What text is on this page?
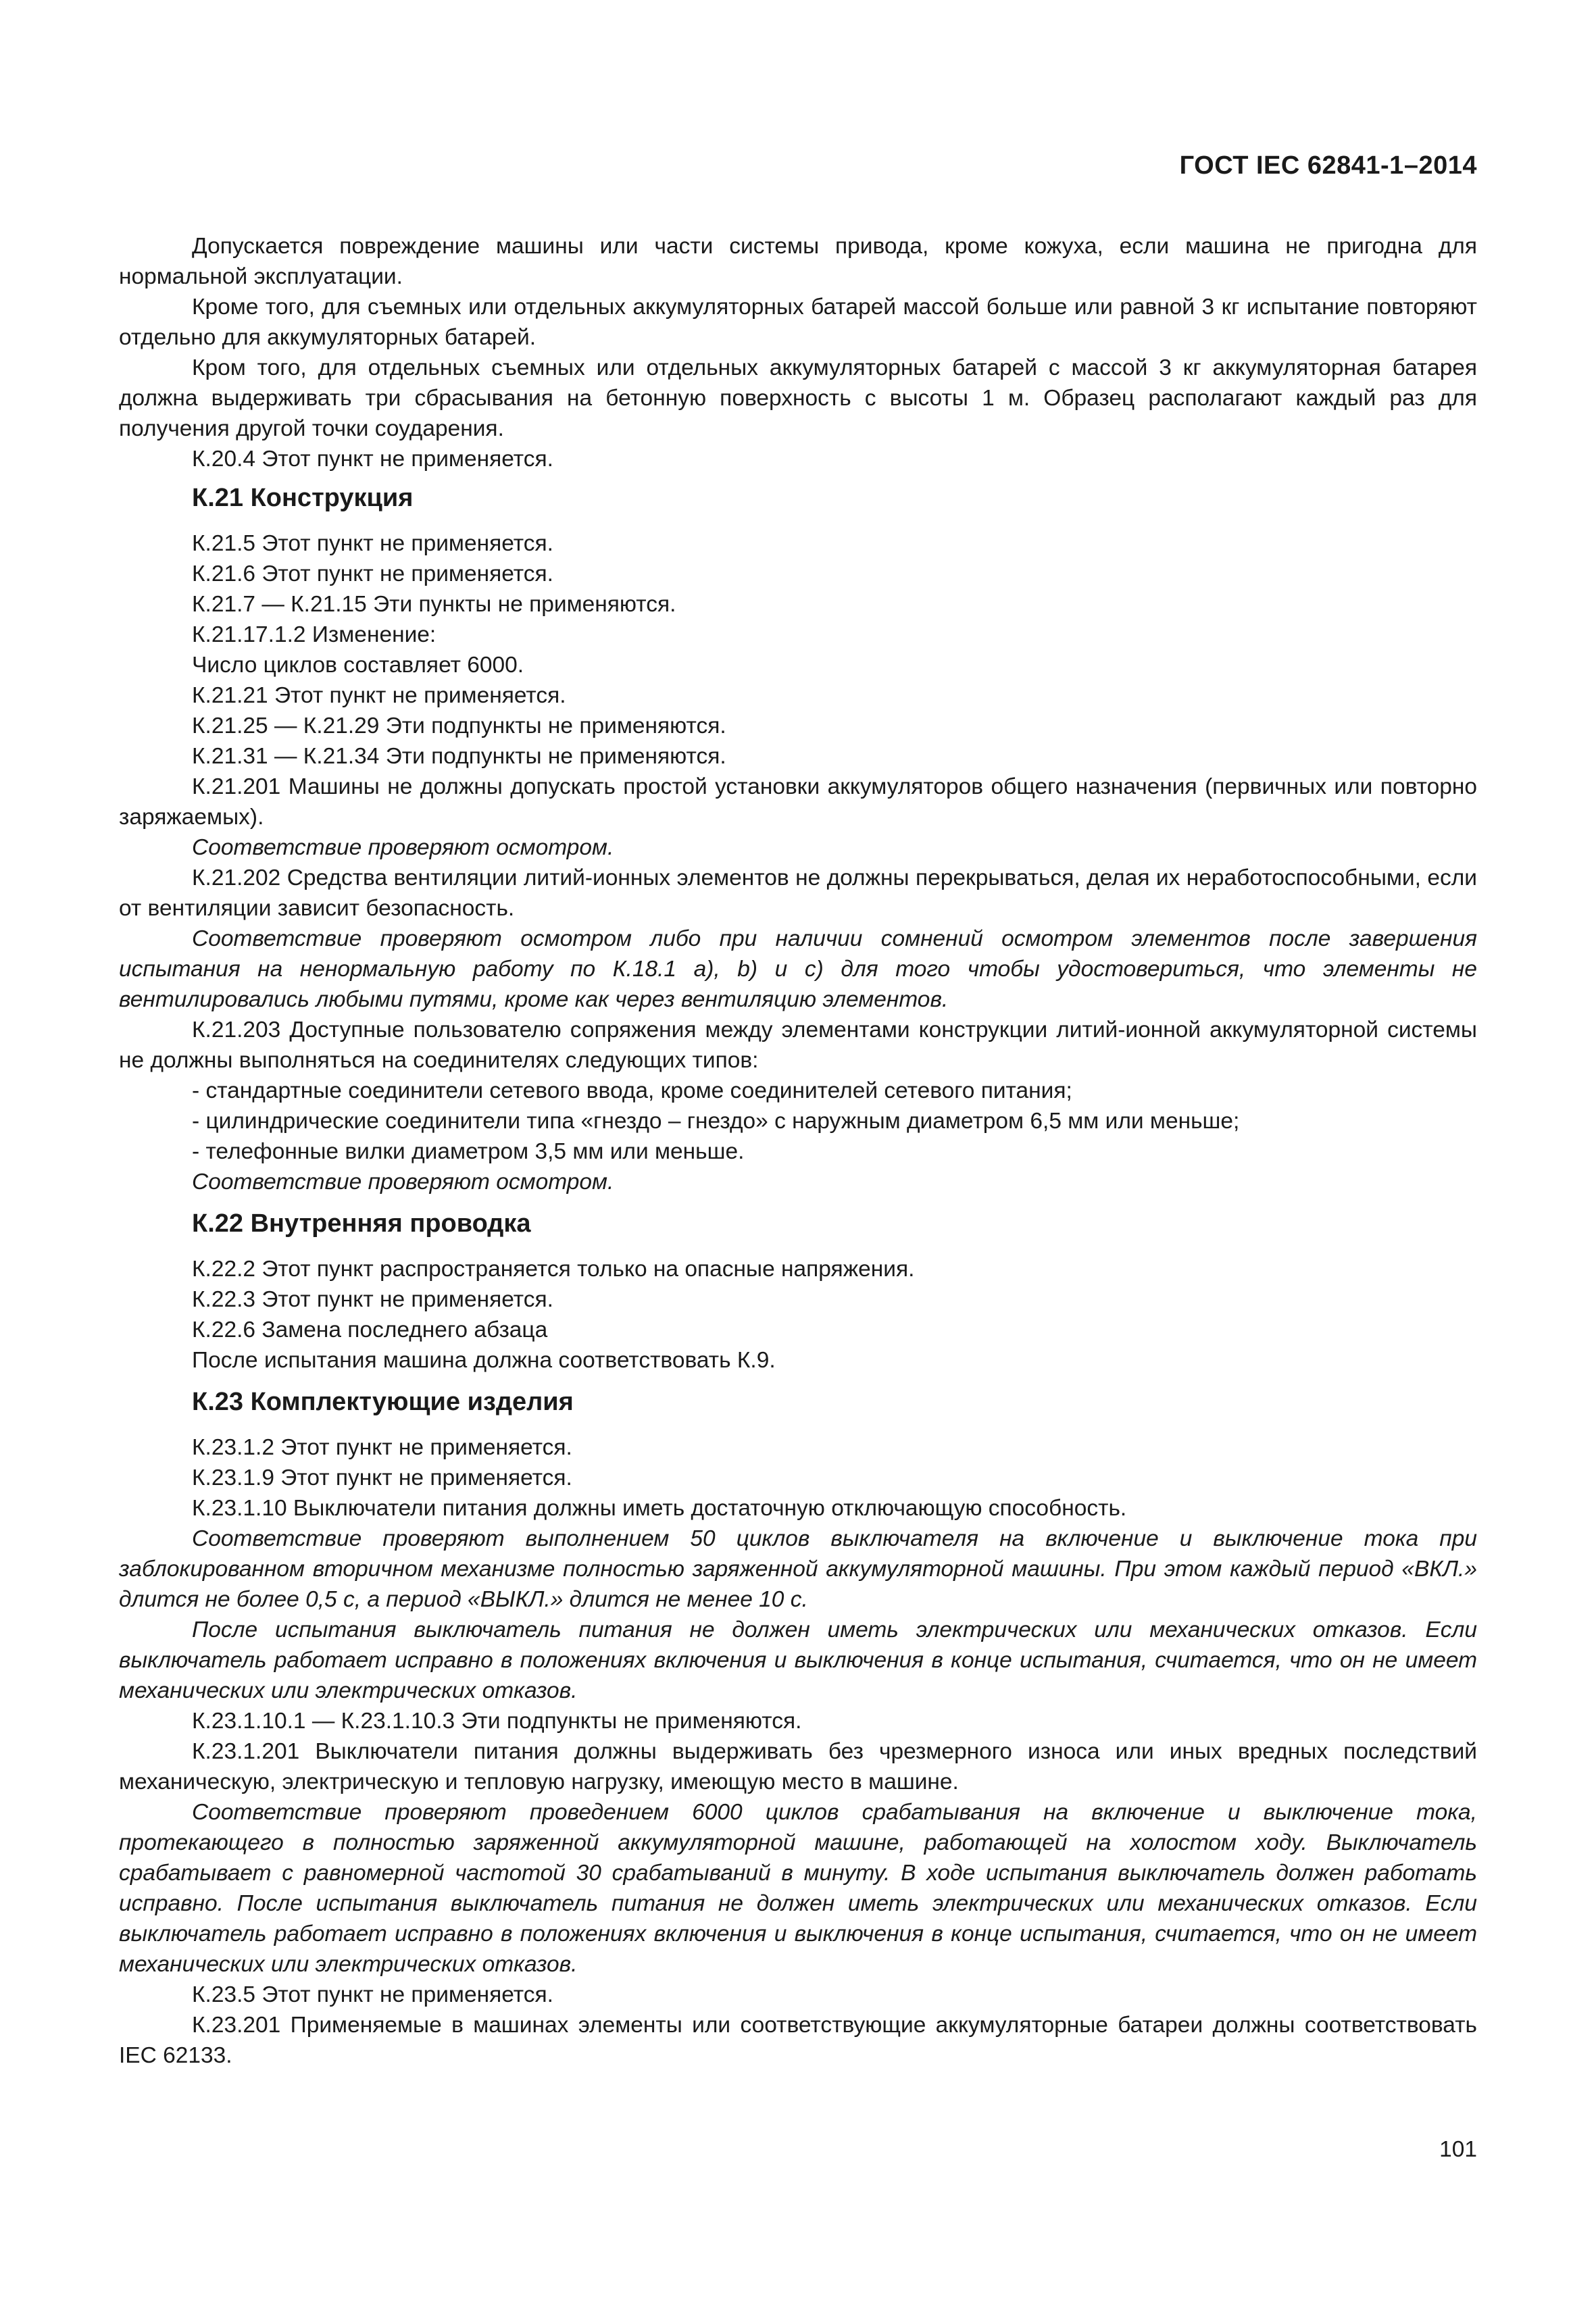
ГОСТ IEC 62841-1–2014

Допускается повреждение машины или части системы привода, кроме кожуха, если машина не пригодна для нормальной эксплуатации.

Кроме того, для съемных или отдельных аккумуляторных батарей массой больше или равной 3 кг испытание повторяют отдельно для аккумуляторных батарей.

Кром того, для отдельных съемных или отдельных аккумуляторных батарей с массой 3 кг аккумуляторная батарея должна выдерживать три сбрасывания на бетонную поверхность с высоты 1 м. Образец располагают каждый раз для получения другой точки соударения.

К.20.4 Этот пункт не применяется.

К.21 Конструкция

К.21.5 Этот пункт не применяется.

К.21.6 Этот пункт не применяется.

К.21.7 — К.21.15 Эти пункты не применяются.

К.21.17.1.2 Изменение:

Число циклов составляет 6000.

К.21.21 Этот пункт не применяется.

К.21.25 — К.21.29 Эти подпункты не применяются.

К.21.31 — К.21.34 Эти подпункты не применяются.

К.21.201 Машины не должны допускать простой установки аккумуляторов общего назначения (первичных или повторно заряжаемых).

Соответствие проверяют осмотром.

К.21.202 Средства вентиляции литий-ионных элементов не должны перекрываться, делая их неработоспособными, если от вентиляции зависит безопасность.

Соответствие проверяют осмотром либо при наличии сомнений осмотром элементов после завершения испытания на ненормальную работу по К.18.1 a), b) и c) для того чтобы удостовериться, что элементы не вентилировались любыми путями, кроме как через вентиляцию элементов.

К.21.203 Доступные пользователю сопряжения между элементами конструкции литий-ионной аккумуляторной системы не должны выполняться на соединителях следующих типов:

- стандартные соединители сетевого ввода, кроме соединителей сетевого питания;

- цилиндрические соединители типа «гнездо – гнездо» с наружным диаметром 6,5 мм или меньше;

- телефонные вилки диаметром 3,5 мм или меньше.

Соответствие проверяют осмотром.

К.22 Внутренняя проводка

К.22.2 Этот пункт распространяется только на опасные напряжения.

К.22.3 Этот пункт не применяется.

К.22.6 Замена последнего абзаца

После испытания машина должна соответствовать К.9.

К.23 Комплектующие изделия

К.23.1.2 Этот пункт не применяется.

К.23.1.9 Этот пункт не применяется.

К.23.1.10 Выключатели питания должны иметь достаточную отключающую способность.

Соответствие проверяют выполнением 50 циклов выключателя на включение и выключение тока при заблокированном вторичном механизме полностью заряженной аккумуляторной машины. При этом каждый период «ВКЛ.» длится не более 0,5 с, а период «ВЫКЛ.» длится не менее 10 с.

После испытания выключатель питания не должен иметь электрических или механических отказов. Если выключатель работает исправно в положениях включения и выключения в конце испытания, считается, что он не имеет механических или электрических отказов.

К.23.1.10.1 — К.23.1.10.3 Эти подпункты не применяются.

К.23.1.201 Выключатели питания должны выдерживать без чрезмерного износа или иных вредных последствий механическую, электрическую и тепловую нагрузку, имеющую место в машине.

Соответствие проверяют проведением 6000 циклов срабатывания на включение и выключение тока, протекающего в полностью заряженной аккумуляторной машине, работающей на холостом ходу. Выключатель срабатывает с равномерной частотой 30 срабатываний в минуту. В ходе испытания выключатель должен работать исправно. После испытания выключатель питания не должен иметь электрических или механических отказов. Если выключатель работает исправно в положениях включения и выключения в конце испытания, считается, что он не имеет механических или электрических отказов.

К.23.5 Этот пункт не применяется.

К.23.201 Применяемые в машинах элементы или соответствующие аккумуляторные батареи должны соответствовать IEC 62133.

101
